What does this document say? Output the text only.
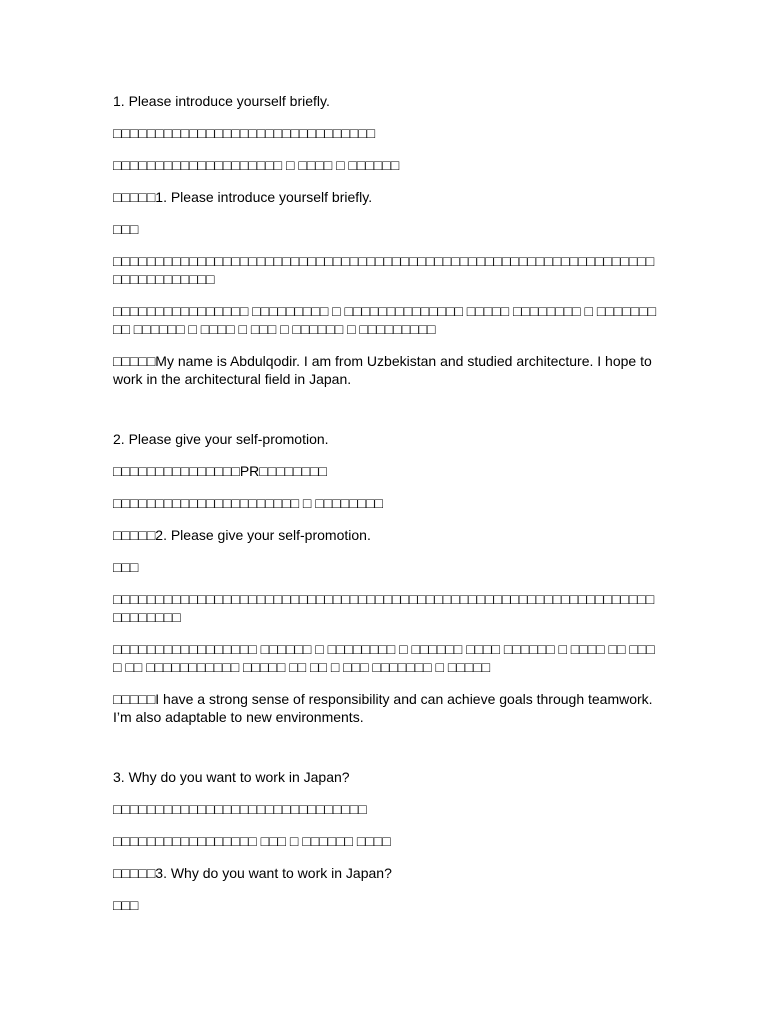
1. Please introduce yourself briefly.

□□□□□□□□□□□□□□□□□□□□□□□□□□□□□□□

□□□□□□□□□□□□□□□□□□□□ □ □□□□ □ □□□□□□

□□□□□1. Please introduce yourself briefly.

□□□

□□□□□□□□□□□□□□□□□□□□□□□□□□□□□□□□□□□□□□□□□□□□□□□□□□□□□□□□□□□□□□□□□□□□□□□□□□□□

□□□□□□□□□□□□□□□□ □□□□□□□□□ □ □□□□□□□□□□□□□□ □□□□□ □□□□□□□□ □ □□□□□□□□□ □□□□□□ □ □□□□ □ □□□ □ □□□□□□ □ □□□□□□□□□

□□□□□My name is Abdulqodir. I am from Uzbekistan and studied architecture. I hope to work in the architectural field in Japan.

2. Please give your self-promotion.

□□□□□□□□□□□□□□□PR□□□□□□□□

□□□□□□□□□□□□□□□□□□□□□□ □ □□□□□□□□

□□□□□2. Please give your self-promotion.

□□□

□□□□□□□□□□□□□□□□□□□□□□□□□□□□□□□□□□□□□□□□□□□□□□□□□□□□□□□□□□□□□□□□□□□□□□□□

□□□□□□□□□□□□□□□□□ □□□□□□ □ □□□□□□□□ □ □□□□□□ □□□□ □□□□□□ □ □□□□ □□ □□□ □ □□ □□□□□□□□□□□ □□□□□ □□ □□ □ □□□ □□□□□□□ □ □□□□□

□□□□□I have a strong sense of responsibility and can achieve goals through teamwork. I’m also adaptable to new environments.

3. Why do you want to work in Japan?

□□□□□□□□□□□□□□□□□□□□□□□□□□□□□□

□□□□□□□□□□□□□□□□□ □□□ □ □□□□□□ □□□□

□□□□□3. Why do you want to work in Japan?

□□□
